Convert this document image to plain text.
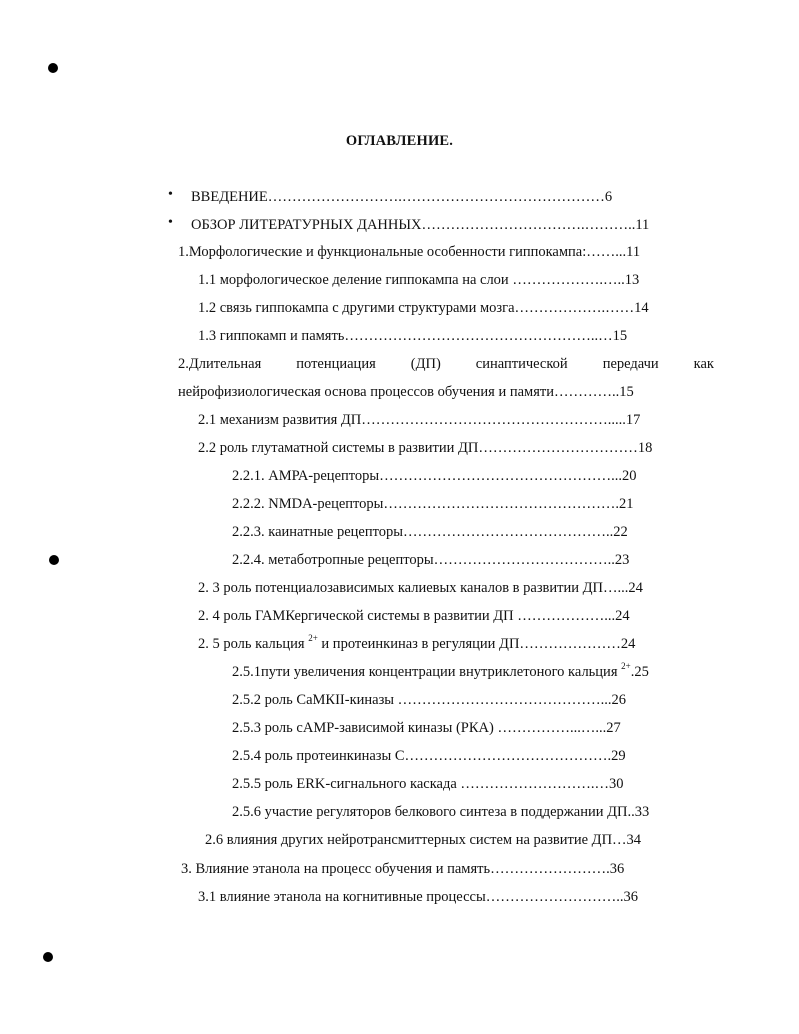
ОГЛАВЛЕНИЕ.
• ВВЕДЕНИЕ……………………….……………………………………6
• ОБЗОР ЛИТЕРАТУРНЫХ ДАННЫХ…………………………….………..11
1.Морфологические и функциональные особенности гиппокампа:……...11
1.1 морфологическое деление гиппокампа на слои ……………….…..13
1.2 связь гиппокампа с другими структурами мозга……………….……14
1.3 гиппокамп и память……………………………………………..…15
2.Длительная потенциация (ДП) синаптической передачи как
нейрофизиологическая основа процессов обучения и памяти…………..15
2.1 механизм развития ДП…………………………………………….....17
2.2 роль глутаматной системы в развитии ДП……………………………18
2.2.1. АМРА-рецепторы…………………………………………...20
2.2.2. NMDA-рецепторы………………………………………….21
2.2.3. каинатные рецепторы……………………………………..22
2.2.4. метаботропные рецепторы………………………………..23
2. 3 роль потенциалозависимых калиевых каналов в развитии ДП…...24
2. 4 роль ГАМКергической системы в развитии ДП ………………...24
2. 5 роль кальция $^{2+}$ и протеинкиназ в регуляции ДП…………………24
2.5.1пути увеличения концентрации внутриклетоного кальция $^{2+}$.25
2.5.2 роль СаМКII-киназы ……………………………………...26
2.5.3 роль сАМР-зависимой киназы (РКА) ……………...…...27
2.5.4 роль протеинкиназы С…………………………………….29
2.5.5 роль ERK-сигнального каскада ……………………….…30
2.5.6 участие регуляторов белкового синтеза в поддержании ДП..33
2.6 влияния других нейротрансмиттерных систем на развитие ДП…34
3. Влияние этанола на процесс обучения и память…………………….36
3.1 влияние этанола на когнитивные процессы………………………..36
